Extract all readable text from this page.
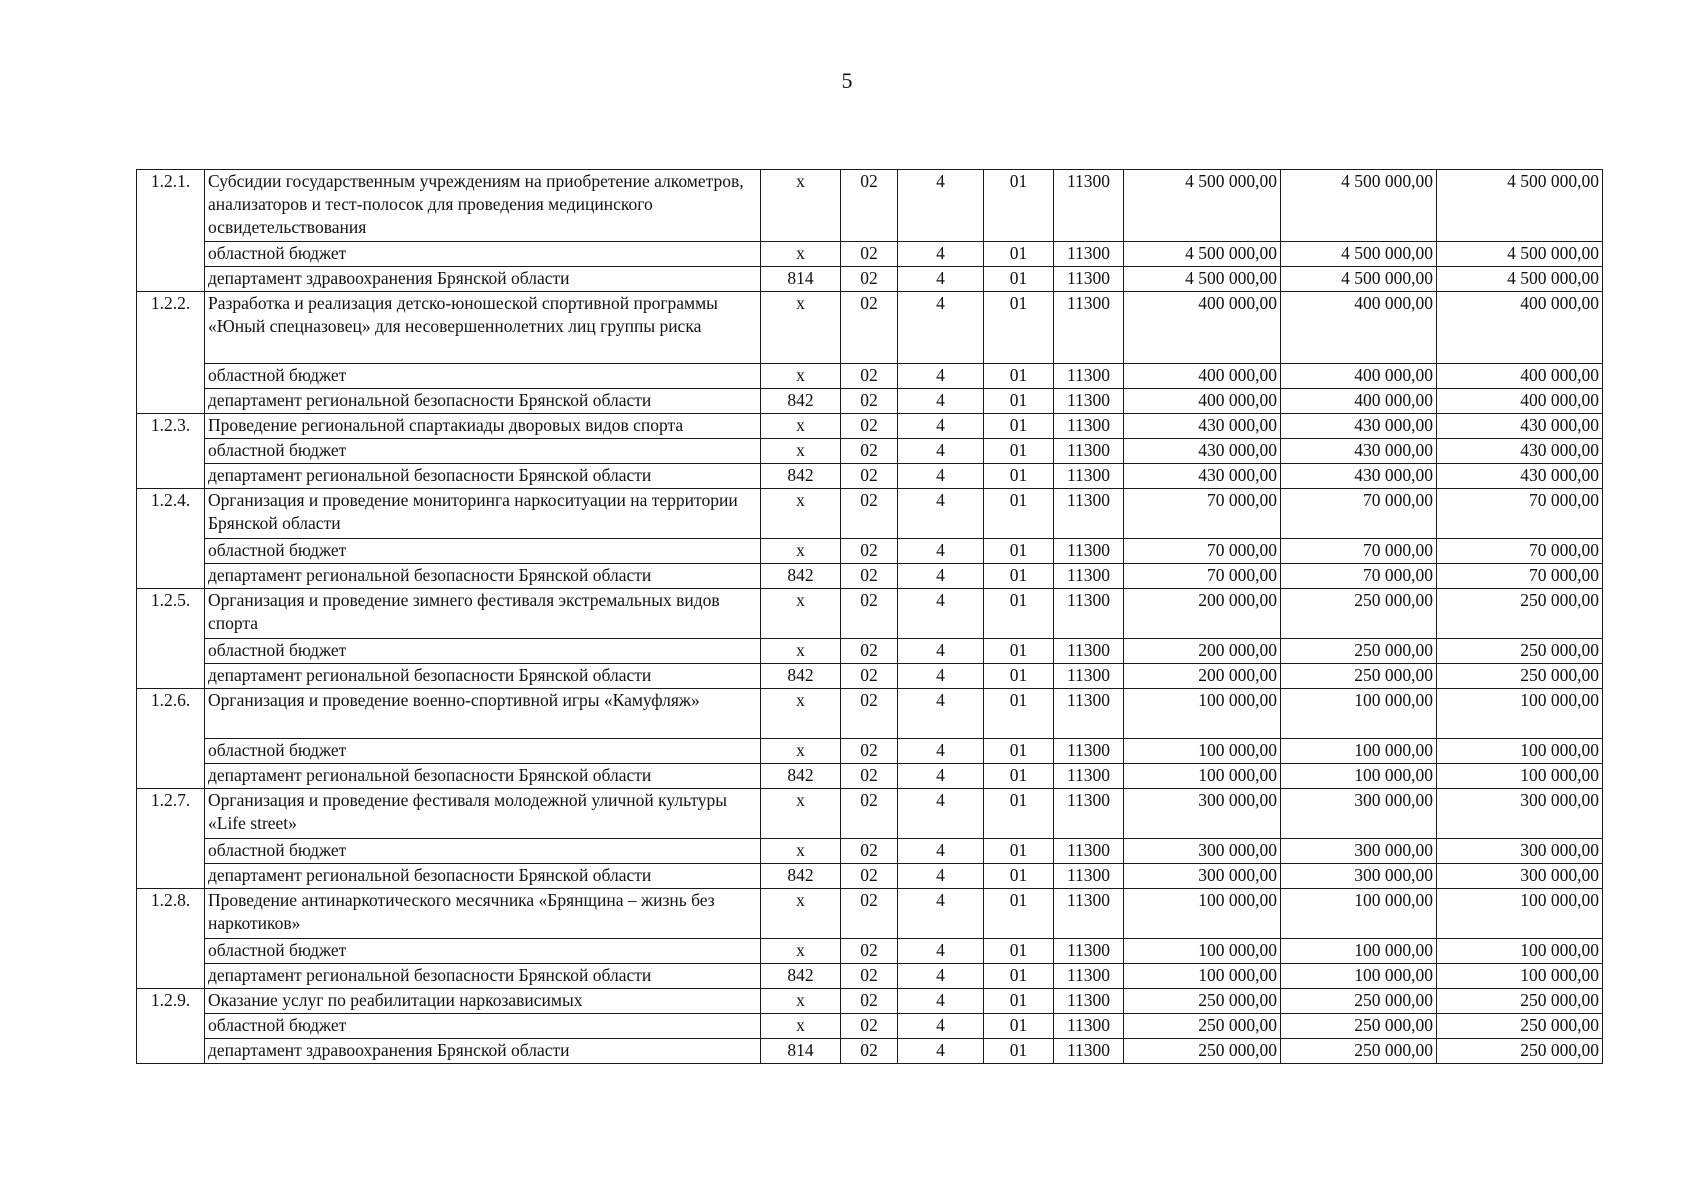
5
1.2.1.	Субсидии государственным учреждениям на приобретение алкометров, анализаторов и тест-полосок для проведения медицинского освидетельствования	х	02	4	01	11300	4 500 000,00	4 500 000,00	4 500 000,00
	областной бюджет	х	02	4	01	11300	4 500 000,00	4 500 000,00	4 500 000,00
	департамент здравоохранения Брянской области	814	02	4	01	11300	4 500 000,00	4 500 000,00	4 500 000,00
1.2.2.	Разработка и реализация детско-юношеской спортивной программы «Юный спецназовец» для несовершеннолетних лиц группы риска	х	02	4	01	11300	400 000,00	400 000,00	400 000,00
	областной бюджет	х	02	4	01	11300	400 000,00	400 000,00	400 000,00
	департамент региональной безопасности Брянской области	842	02	4	01	11300	400 000,00	400 000,00	400 000,00
1.2.3.	Проведение региональной спартакиады дворовых видов спорта	х	02	4	01	11300	430 000,00	430 000,00	430 000,00
	областной бюджет	х	02	4	01	11300	430 000,00	430 000,00	430 000,00
	департамент региональной безопасности Брянской области	842	02	4	01	11300	430 000,00	430 000,00	430 000,00
1.2.4.	Организация и проведение мониторинга наркоситуации на территории Брянской области	х	02	4	01	11300	70 000,00	70 000,00	70 000,00
	областной бюджет	х	02	4	01	11300	70 000,00	70 000,00	70 000,00
	департамент региональной безопасности Брянской области	842	02	4	01	11300	70 000,00	70 000,00	70 000,00
1.2.5.	Организация и проведение зимнего фестиваля экстремальных видов спорта	х	02	4	01	11300	200 000,00	250 000,00	250 000,00
	областной бюджет	х	02	4	01	11300	200 000,00	250 000,00	250 000,00
	департамент региональной безопасности Брянской области	842	02	4	01	11300	200 000,00	250 000,00	250 000,00
1.2.6.	Организация и проведение военно-спортивной игры «Камуфляж»	х	02	4	01	11300	100 000,00	100 000,00	100 000,00
	областной бюджет	х	02	4	01	11300	100 000,00	100 000,00	100 000,00
	департамент региональной безопасности Брянской области	842	02	4	01	11300	100 000,00	100 000,00	100 000,00
1.2.7.	Организация и проведение фестиваля молодежной уличной культуры «Life street»	х	02	4	01	11300	300 000,00	300 000,00	300 000,00
	областной бюджет	х	02	4	01	11300	300 000,00	300 000,00	300 000,00
	департамент региональной безопасности Брянской области	842	02	4	01	11300	300 000,00	300 000,00	300 000,00
1.2.8.	Проведение антинаркотического месячника «Брянщина – жизнь без наркотиков»	х	02	4	01	11300	100 000,00	100 000,00	100 000,00
	областной бюджет	х	02	4	01	11300	100 000,00	100 000,00	100 000,00
	департамент региональной безопасности Брянской области	842	02	4	01	11300	100 000,00	100 000,00	100 000,00
1.2.9.	Оказание услуг по реабилитации наркозависимых	х	02	4	01	11300	250 000,00	250 000,00	250 000,00
	областной бюджет	х	02	4	01	11300	250 000,00	250 000,00	250 000,00
	департамент здравоохранения Брянской области	814	02	4	01	11300	250 000,00	250 000,00	250 000,00
